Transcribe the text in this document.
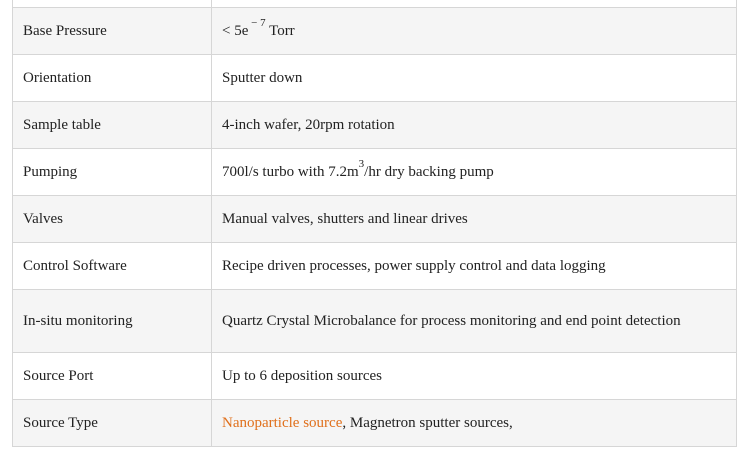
Base Pressure	< 5e $^{- 7}$ Torr
Orientation	Sputter down
Sample table	4-inch wafer, 20rpm rotation
Pumping	700l/s turbo with $7.2m^3/hr$ dry backing pump
Valves	Manual valves, shutters and linear drives
Control Software	Recipe driven processes, power supply control and data logging
In-situ monitoring	Quartz Crystal Microbalance for process monitoring and end point detection
Source Port	Up to 6 deposition sources
Source Type	Nanoparticle source, Magnetron sputter sources,
